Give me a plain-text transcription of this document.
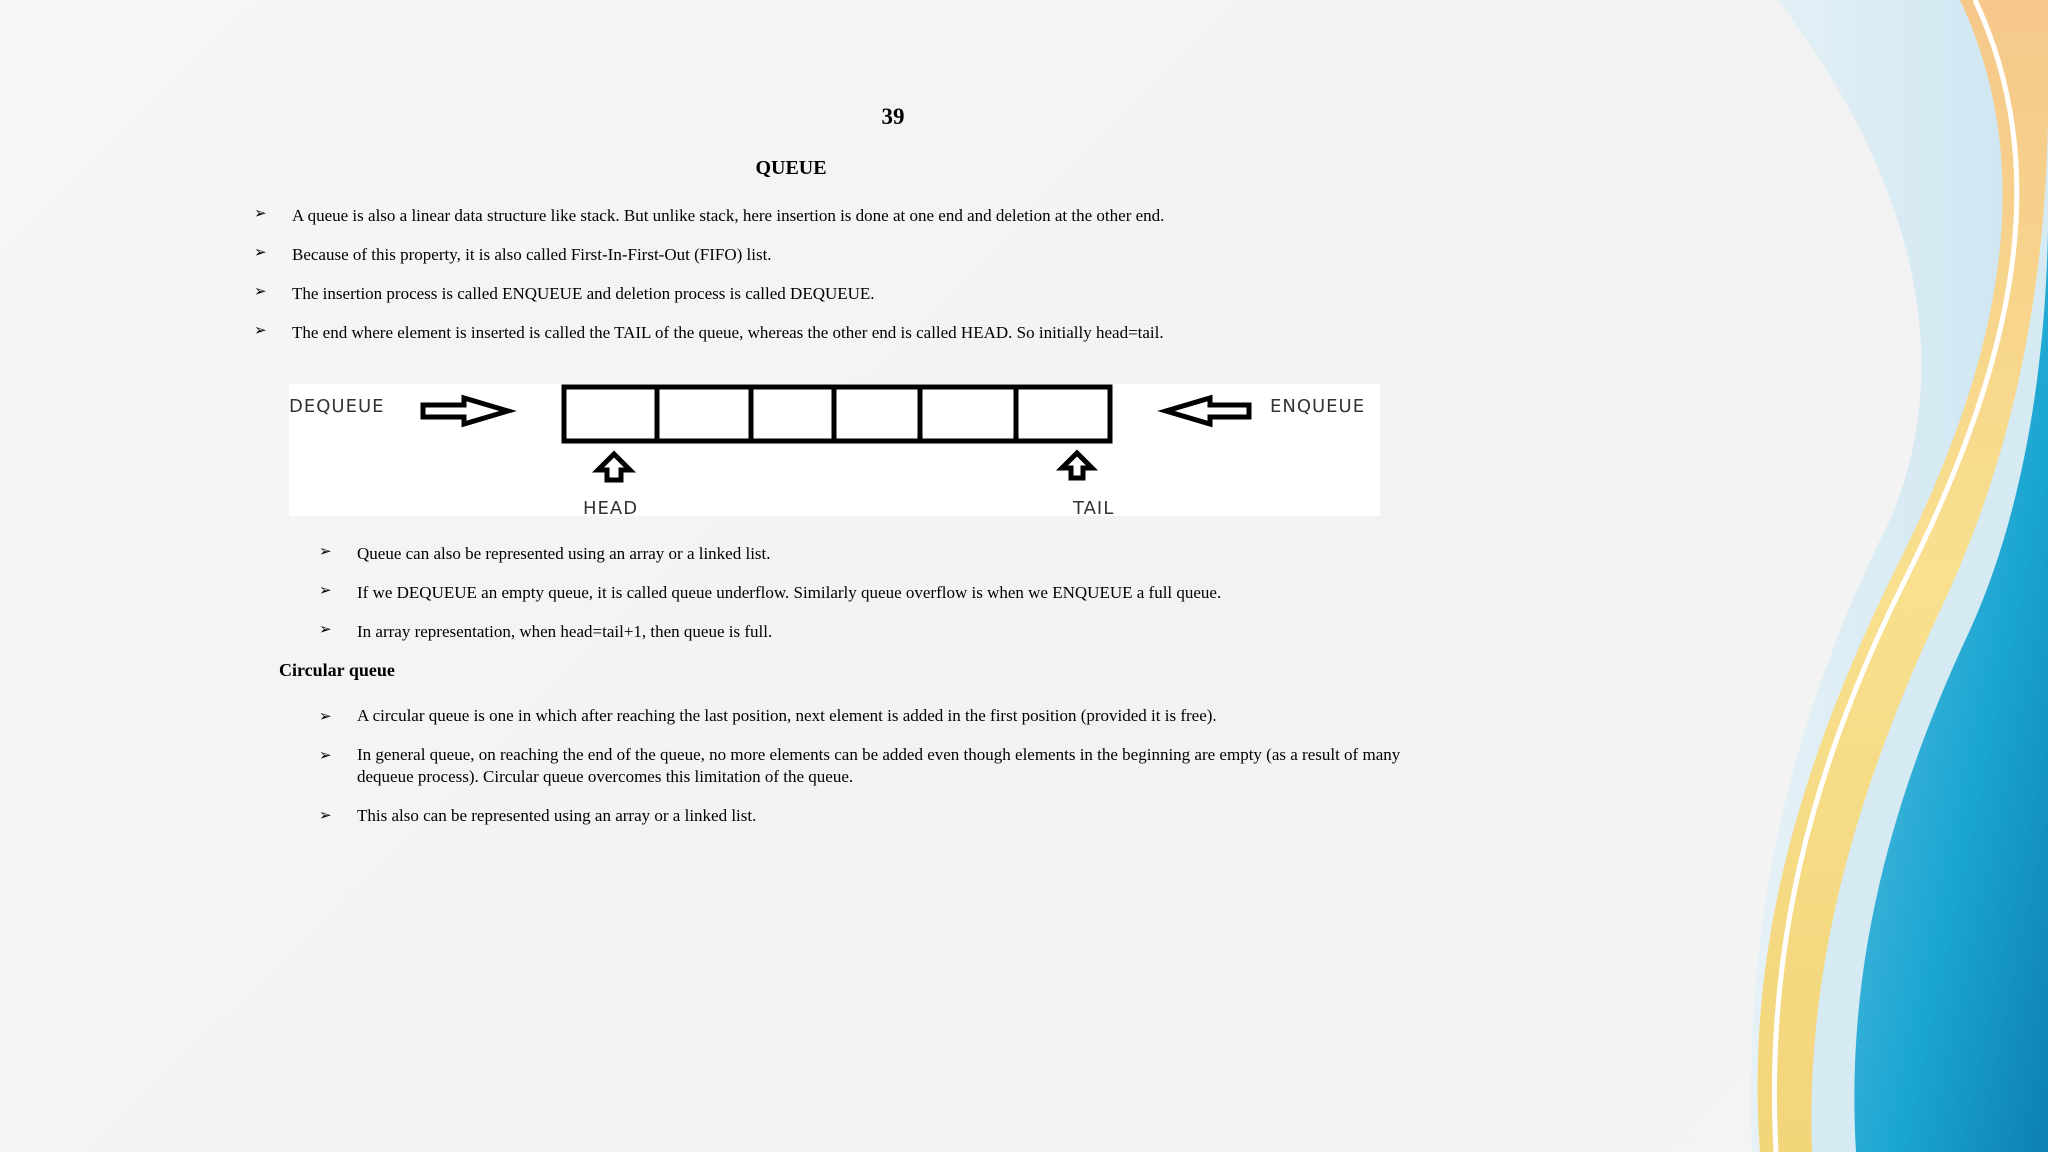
39
QUEUE
➢ A queue is also a linear data structure like stack. But unlike stack, here insertion is done at one end and deletion at the other end.
➢ Because of this property, it is also called First-In-First-Out (FIFO) list.
➢ The insertion process is called ENQUEUE and deletion process is called DEQUEUE.
➢ The end where element is inserted is called the TAIL of the queue, whereas the other end is called HEAD. So initially head=tail.
DEQUEUE	ENQUEUE
HEAD	TAIL
➢ Queue can also be represented using an array or a linked list.
➢ If we DEQUEUE an empty queue, it is called queue underflow. Similarly queue overflow is when we ENQUEUE a full queue.
➢ In array representation, when head=tail+1, then queue is full.
Circular queue
➢ A circular queue is one in which after reaching the last position, next element is added in the first position (provided it is free).
➢ In general queue, on reaching the end of the queue, no more elements can be added even though elements in the beginning are empty (as a result of many dequeue process). Circular queue overcomes this limitation of the queue.
➢ This also can be represented using an array or a linked list.
